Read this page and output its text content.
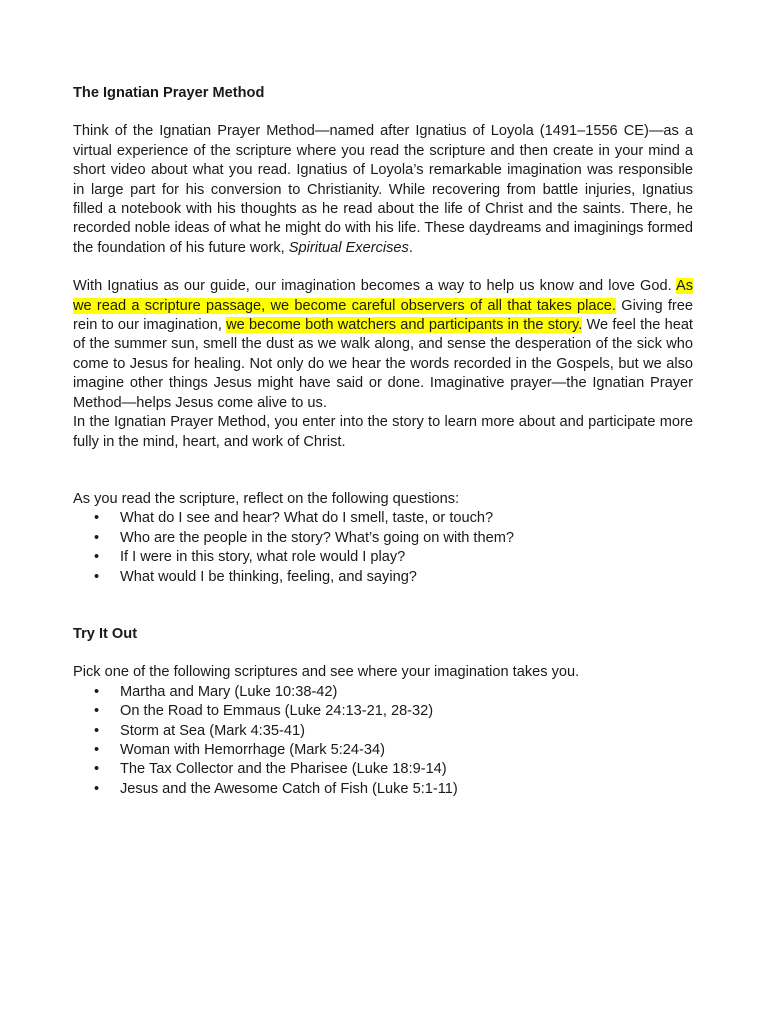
The Ignatian Prayer Method

Think of the Ignatian Prayer Method—named after Ignatius of Loyola (1491–1556 CE)—as a virtual experience of the scripture where you read the scripture and then create in your mind a short video about what you read. Ignatius of Loyola’s remarkable imagination was responsible in large part for his conversion to Christianity. While recovering from battle injuries, Ignatius filled a notebook with his thoughts as he read about the life of Christ and the saints. There, he recorded noble ideas of what he might do with his life. These daydreams and imaginings formed the foundation of his future work, Spiritual Exercises.

With Ignatius as our guide, our imagination becomes a way to help us know and love God. As we read a scripture passage, we become careful observers of all that takes place. Giving free rein to our imagination, we become both watchers and participants in the story. We feel the heat of the summer sun, smell the dust as we walk along, and sense the desperation of the sick who come to Jesus for healing. Not only do we hear the words recorded in the Gospels, but we also imagine other things Jesus might have said or done. Imaginative prayer—the Ignatian Prayer Method—helps Jesus come alive to us.

In the Ignatian Prayer Method, you enter into the story to learn more about and participate more fully in the mind, heart, and work of Christ.

As you read the scripture, reflect on the following questions:

• What do I see and hear? What do I smell, taste, or touch?
• Who are the people in the story? What’s going on with them?
• If I were in this story, what role would I play?
• What would I be thinking, feeling, and saying?

Try It Out

Pick one of the following scriptures and see where your imagination takes you.

• Martha and Mary (Luke 10:38-42)
• On the Road to Emmaus (Luke 24:13-21, 28-32)
• Storm at Sea (Mark 4:35-41)
• Woman with Hemorrhage (Mark 5:24-34)
• The Tax Collector and the Pharisee (Luke 18:9-14)
• Jesus and the Awesome Catch of Fish (Luke 5:1-11)
